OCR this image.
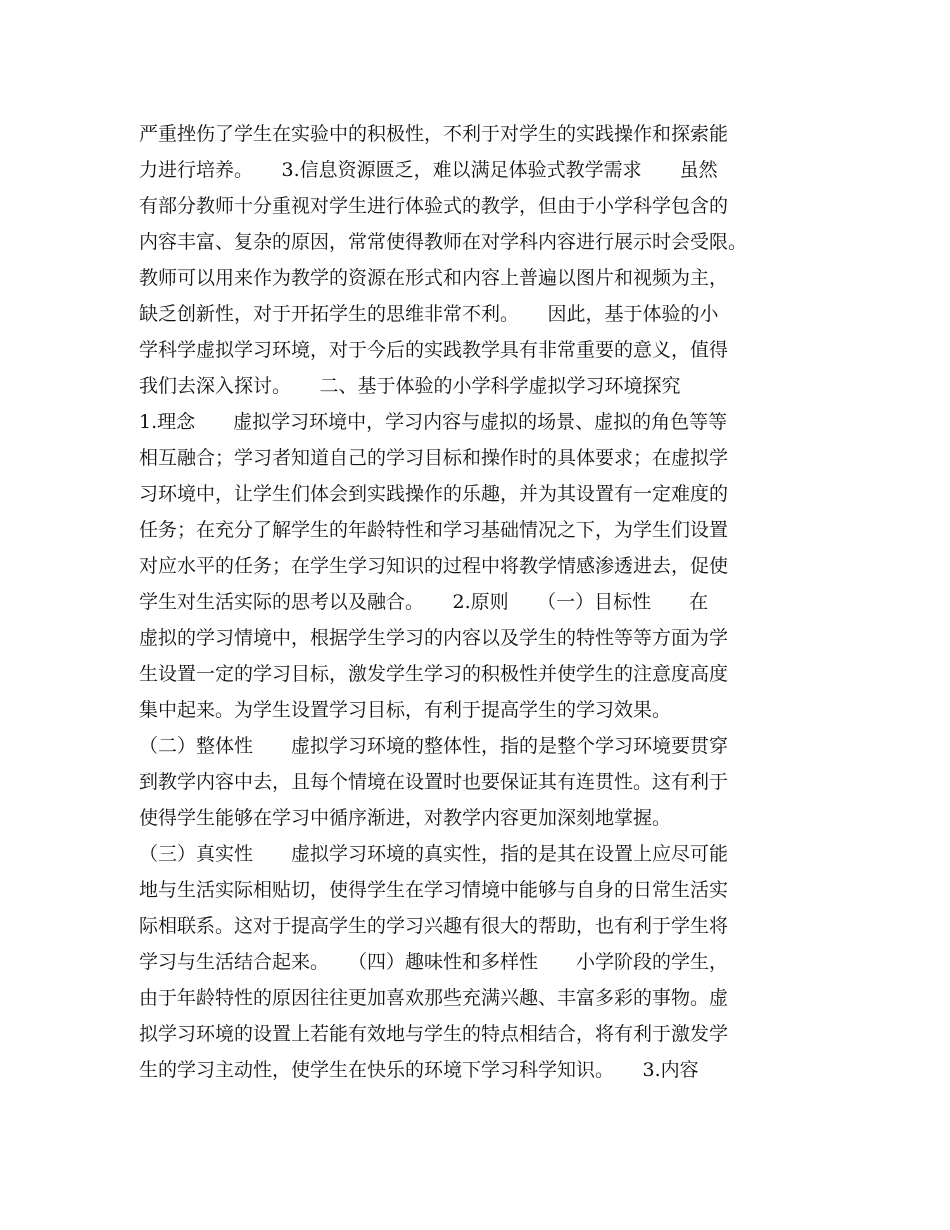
严重挫伤了学生在实验中的积极性，不利于对学生的实践操作和探索能
力进行培养。　　3.信息资源匮乏，难以满足体验式教学需求　　虽然
有部分教师十分重视对学生进行体验式的教学，但由于小学科学包含的
内容丰富、复杂的原因，常常使得教师在对学科内容进行展示时会受限。
教师可以用来作为教学的资源在形式和内容上普遍以图片和视频为主，
缺乏创新性，对于开拓学生的思维非常不利。　　因此，基于体验的小
学科学虚拟学习环境，对于今后的实践教学具有非常重要的意义，值得
我们去深入探讨。　　二、基于体验的小学科学虚拟学习环境探究
1.理念　　虚拟学习环境中，学习内容与虚拟的场景、虚拟的角色等等
相互融合；学习者知道自己的学习目标和操作时的具体要求；在虚拟学
习环境中，让学生们体会到实践操作的乐趣，并为其设置有一定难度的
任务；在充分了解学生的年龄特性和学习基础情况之下，为学生们设置
对应水平的任务；在学生学习知识的过程中将教学情感渗透进去，促使
学生对生活实际的思考以及融合。　　2.原则　　（一）目标性　　在
虚拟的学习情境中，根据学生学习的内容以及学生的特性等等方面为学
生设置一定的学习目标，激发学生学习的积极性并使学生的注意度高度
集中起来。为学生设置学习目标，有利于提高学生的学习效果。
（二）整体性　　虚拟学习环境的整体性，指的是整个学习环境要贯穿
到教学内容中去，且每个情境在设置时也要保证其有连贯性。这有利于
使得学生能够在学习中循序渐进，对教学内容更加深刻地掌握。
（三）真实性　　虚拟学习环境的真实性，指的是其在设置上应尽可能
地与生活实际相贴切，使得学生在学习情境中能够与自身的日常生活实
际相联系。这对于提高学生的学习兴趣有很大的帮助，也有利于学生将
学习与生活结合起来。　　（四）趣味性和多样性　　小学阶段的学生，
由于年龄特性的原因往往更加喜欢那些充满兴趣、丰富多彩的事物。虚
拟学习环境的设置上若能有效地与学生的特点相结合，将有利于激发学
生的学习主动性，使学生在快乐的环境下学习科学知识。　　3.内容
